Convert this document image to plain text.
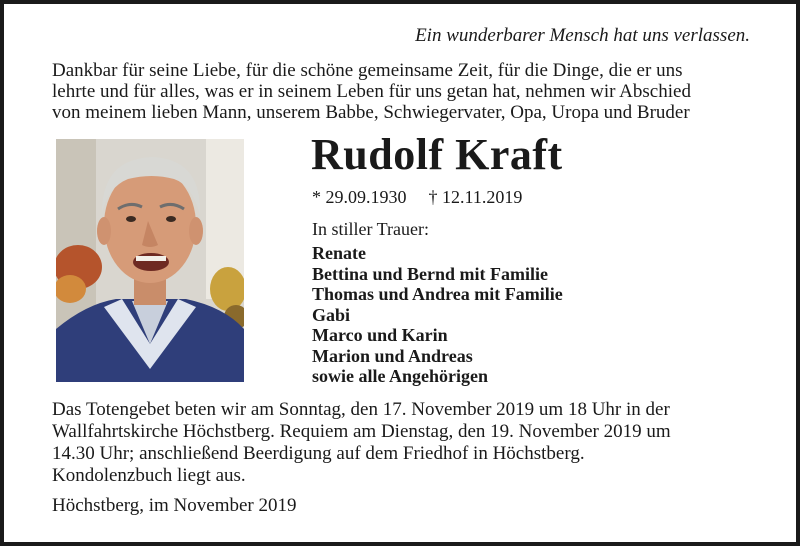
Ein wunderbarer Mensch hat uns verlassen.
Dankbar für seine Liebe, für die schöne gemeinsame Zeit, für die Dinge, die er uns
lehrte und für alles, was er in seinem Leben für uns getan hat, nehmen wir Abschied
von meinem lieben Mann, unserem Babbe, Schwiegervater, Opa, Uropa und Bruder
Rudolf Kraft
* 29.09.1930 † 12.11.2019
In stiller Trauer:
Renate
Bettina und Bernd mit Familie
Thomas und Andrea mit Familie
Gabi
Marco und Karin
Marion und Andreas
sowie alle Angehörigen
Das Totengebet beten wir am Sonntag, den 17. November 2019 um 18 Uhr in der
Wallfahrtskirche Höchstberg. Requiem am Dienstag, den 19. November 2019 um
14.30 Uhr; anschließend Beerdigung auf dem Friedhof in Höchstberg.
Kondolenzbuch liegt aus.
Höchstberg, im November 2019
